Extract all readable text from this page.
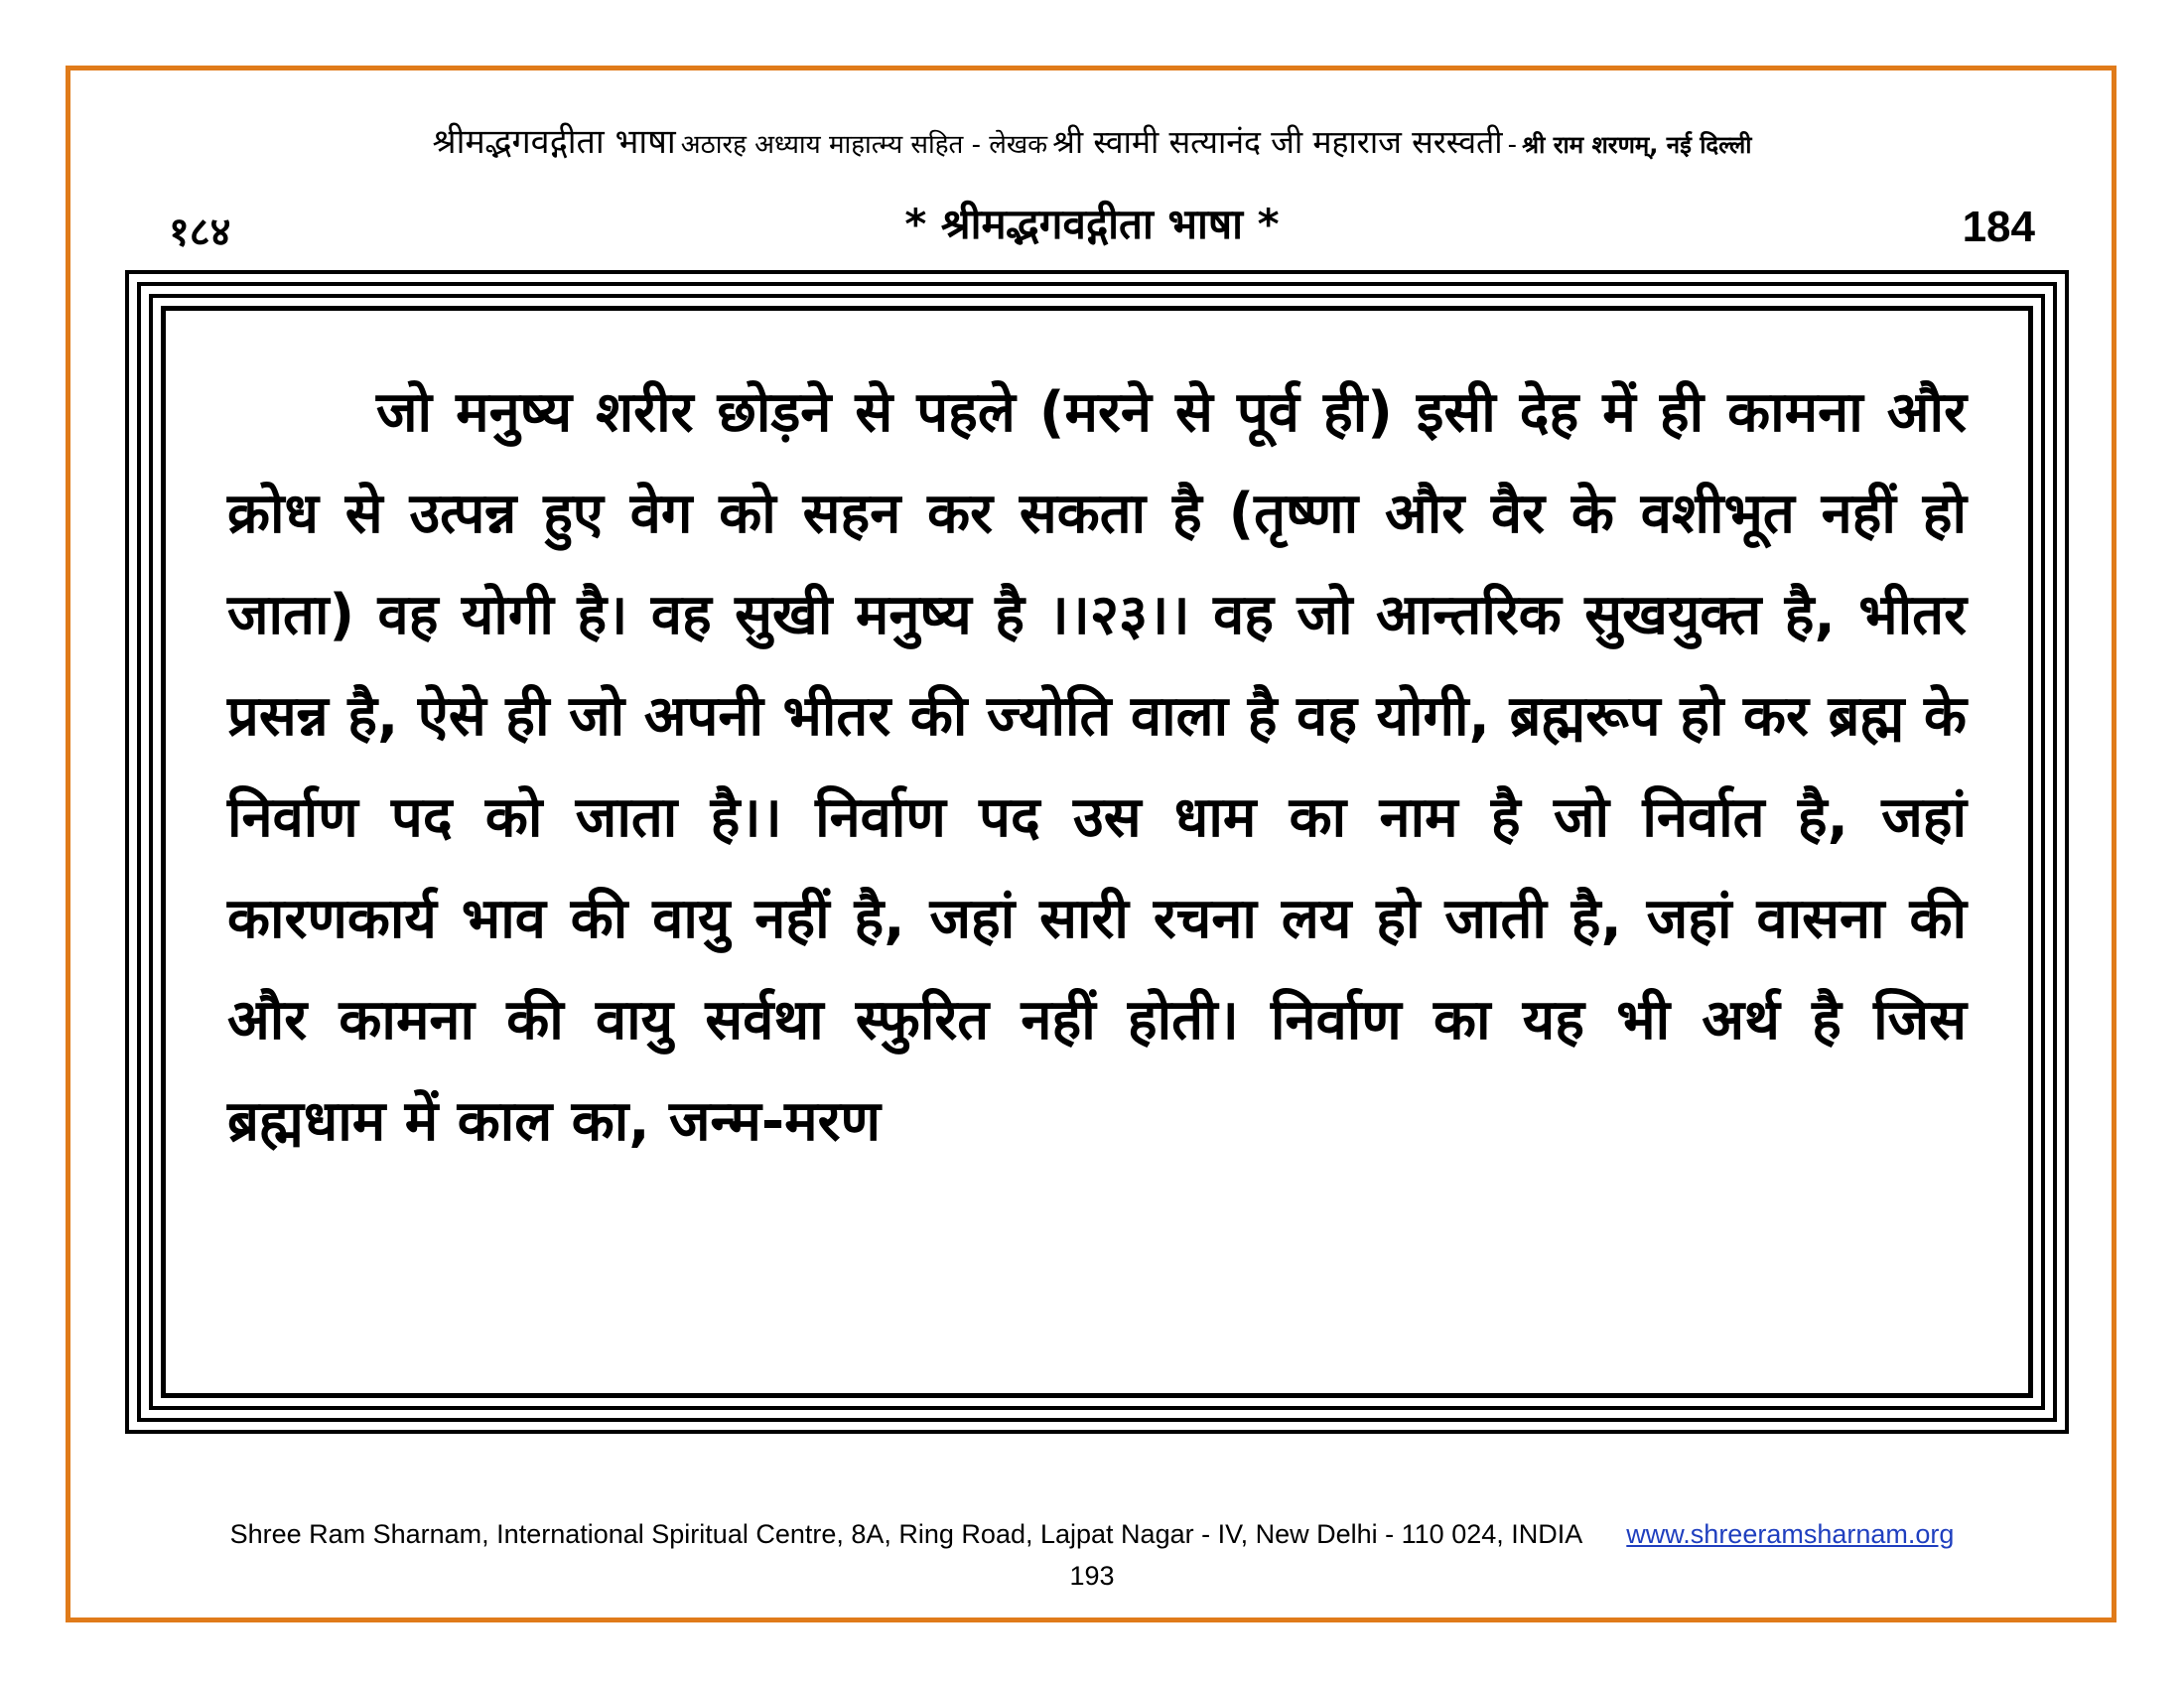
श्रीमद्भगवद्गीता भाषा अठारह अध्याय माहात्म्य सहित - लेखक श्री स्वामी सत्यानंद जी महाराज सरस्वती - श्री राम शरणम्, नई दिल्ली
१८४	* श्रीमद्भगवद्गीता भाषा *	184

जो मनुष्य शरीर छोड़ने से पहले (मरने से पूर्व ही) इसी देह में ही कामना और क्रोध से उत्पन्न हुए वेग को सहन कर सकता है (तृष्णा और वैर के वशीभूत नहीं हो जाता) वह योगी है। वह सुखी मनुष्य है ।।२३।। वह जो आन्तरिक सुखयुक्त है, भीतर प्रसन्न है, ऐसे ही जो अपनी भीतर की ज्योति वाला है वह योगी, ब्रह्मरूप हो कर ब्रह्म के निर्वाण पद को जाता है।। निर्वाण पद उस धाम का नाम है जो निर्वात है, जहां कारणकार्य भाव की वायु नहीं है, जहां सारी रचना लय हो जाती है, जहां वासना की और कामना की वायु सर्वथा स्फुरित नहीं होती। निर्वाण का यह भी अर्थ है जिस ब्रह्मधाम में काल का, जन्म-मरण

Shree Ram Sharnam, International Spiritual Centre, 8A, Ring Road, Lajpat Nagar - IV, New Delhi - 110 024, INDIA www.shreeramsharnam.org
193
